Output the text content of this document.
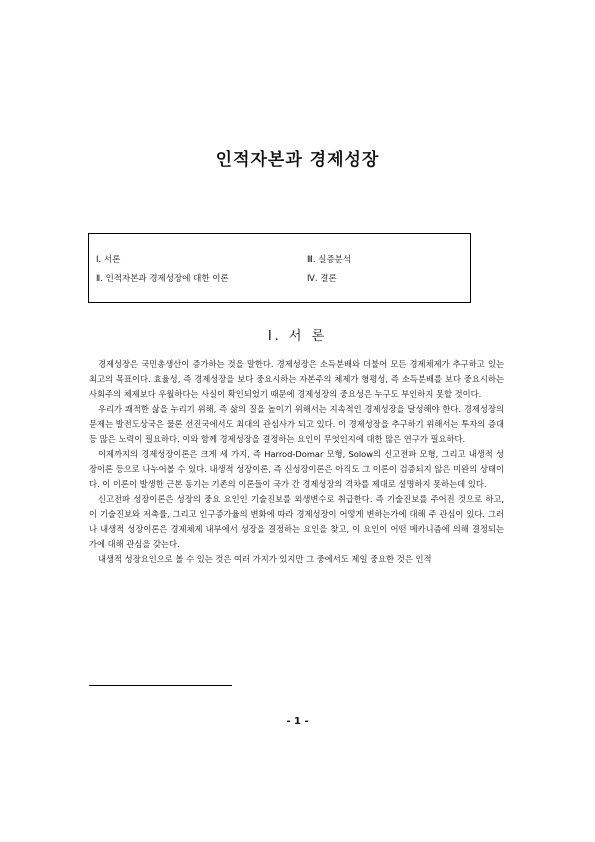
인적자본과 경제성장
Ⅰ. 서론
Ⅱ. 인적자본과 경제성장에 대한 이론
Ⅲ. 실증분석
Ⅳ. 결론
Ⅰ. 서 론

경제성장은 국민총생산이 증가하는 것을 말한다. 경제성장은 소득분배와 더불어 모든 경제체제가 추구하고 있는 최고의 목표이다. 효율성, 즉 경제성장을 보다 중요시하는 자본주의 체제가 형평성, 즉 소득분배를 보다 중요시하는 사회주의 체제보다 우월하다는 사실이 확인되었기 때문에 경제성장의 중요성은 누구도 부인하지 못할 것이다.

우리가 쾌적한 삶을 누리기 위해, 즉 삶의 질을 높이기 위해서는 지속적인 경제성장을 달성해야 한다. 경제성장의 문제는 발전도상국은 물론 선진국에서도 최대의 관심사가 되고 있다. 이 경제성장을 추구하기 위해서는 투자의 증대 등 많은 노력이 필요하다. 이와 함께 경제성장을 결정하는 요인이 무엇인지에 대한 많은 연구가 필요하다.

이제까지의 경제성장이론은 크게 세 가지, 즉 Harrod-Domar 모형, Solow의 신고전파 모형, 그리고 내생적 성장이론 등으로 나누어볼 수 있다. 내생적 성장이론, 즉 신성장이론은 아직도 그 이론이 검증되지 않은 미완의 상태이다. 이 이론이 발생한 근본 동기는 기존의 이론들이 국가 간 경제성장의 격차를 제대로 설명하지 못하는데 있다.

신고전파 성장이론은 성장의 중요 요인인 기술진보를 외생변수로 취급한다. 즉 기술진보를 주어진 것으로 하고, 이 기술진보와 저축률, 그리고 인구증가율의 변화에 따라 경제성장이 어떻게 변하는가에 대해 주 관심이 있다. 그러나 내생적 성장이론은 경제체제 내부에서 성장을 결정하는 요인을 찾고, 이 요인이 어떤 메카니즘에 의해 결정되는가에 대해 관심을 갖는다.

내생적 성장요인으로 볼 수 있는 것은 여러 가지가 있지만 그 중에서도 제일 중요한 것은 인적

- 1 -
